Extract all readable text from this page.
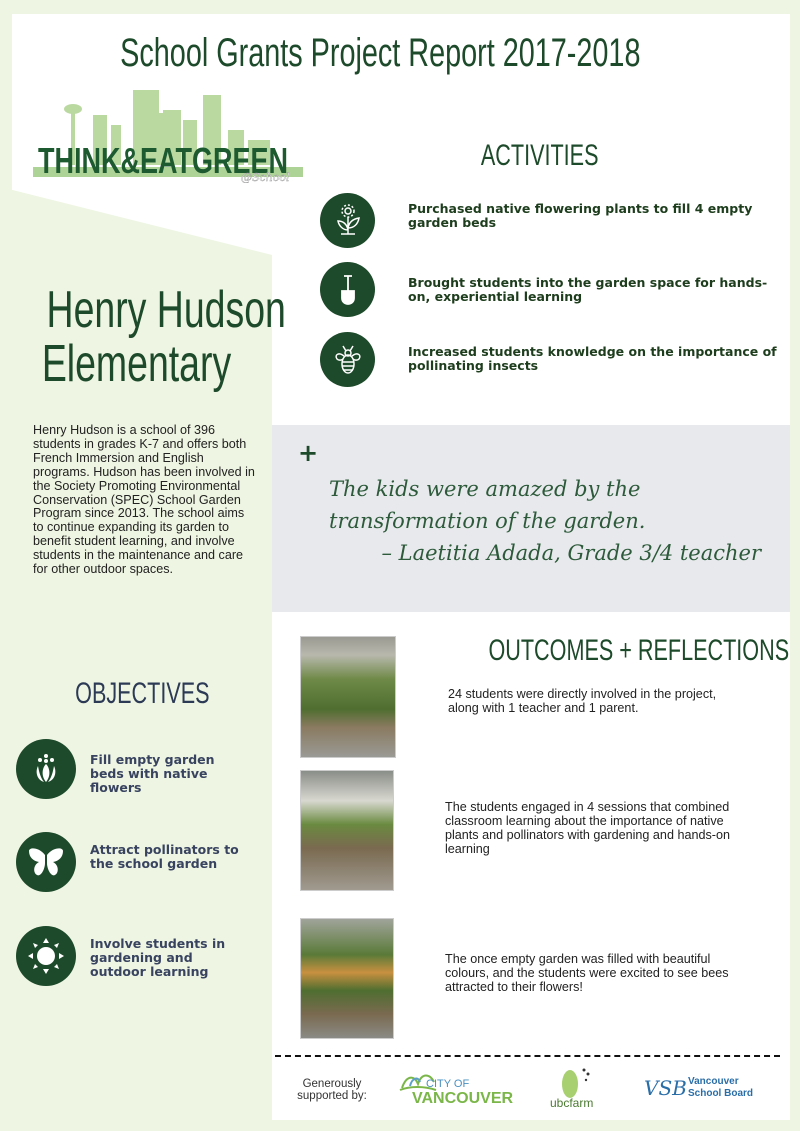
School Grants Project Report 2017-2018
THINK&EATGREEN
@School
ACTIVITIES
Purchased native flowering plants to fill 4 empty garden beds
Brought students into the garden space for hands-on, experiential learning
Increased students knowledge on the importance of pollinating insects
Henry Hudson
Elementary
Henry Hudson is a school of 396 students in grades K-7 and offers both French Immersion and English programs. Hudson has been involved in the Society Promoting Environmental Conservation (SPEC) School Garden Program since 2013. The school aims to continue expanding its garden to benefit student learning, and involve students in the maintenance and care for other outdoor spaces.
OBJECTIVES
Fill empty garden beds with native flowers
Attract pollinators to the school garden
Involve students in gardening and outdoor learning
+
The kids were amazed by the transformation of the garden.
– Laetitia Adada, Grade 3/4 teacher
OUTCOMES + REFLECTIONS
24 students were directly involved in the project, along with 1 teacher and 1 parent.
The students engaged in 4 sessions that combined classroom learning about the importance of native plants and pollinators with gardening and hands-on learning
The once empty garden was filled with beautiful colours, and the students were excited to see bees attracted to their flowers!
Generously supported by:
CITY OF
VANCOUVER	ubcfarm
VSB Vancouver
School Board
